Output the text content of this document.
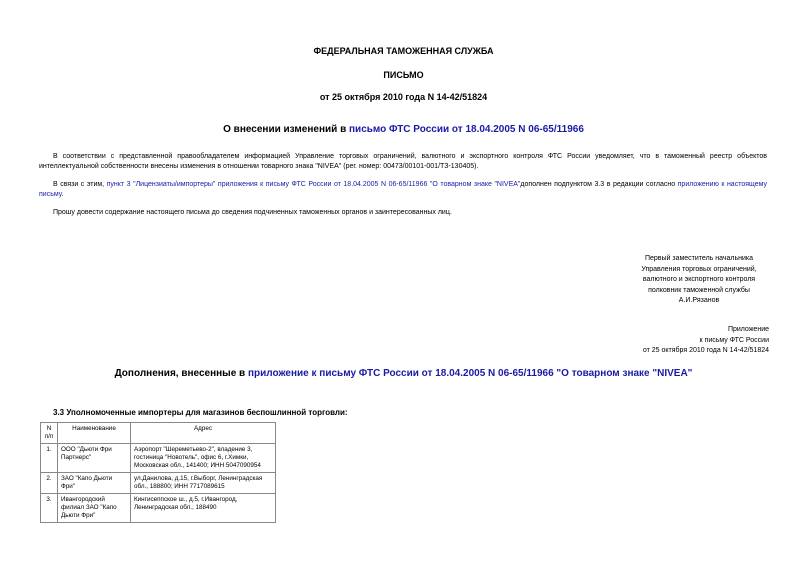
ФЕДЕРАЛЬНАЯ ТАМОЖЕННАЯ СЛУЖБА
ПИСЬМО
от 25 октября 2010 года N 14-42/51824
О внесении изменений в письмо ФТС России от 18.04.2005 N 06-65/11966

В соответствии с представленной правообладателем информацией Управление торговых ограничений, валютного и экспортного контроля ФТС России уведомляет, что в таможенный реестр объектов интеллектуальной собственности внесены изменения в отношении товарного знака "NIVEA" (рег. номер: 00473/00101-001/ТЗ-130405).

В связи с этим, пункт 3 "Лицензиаты/импортеры" приложения к письму ФТС России от 18.04.2005 N 06-65/11966 "О товарном знаке "NIVEA"дополнен подпунктом 3.3 в редакции согласно приложению к настоящему письму.

Прошу довести содержание настоящего письма до сведения подчиненных таможенных органов и заинтересованных лиц.

Первый заместитель начальника
Управления торговых ограничений,
валютного и экспортного контроля
полковник таможенной службы
А.И.Рязанов
Приложение
к письму ФТС России
от 25 октября 2010 года N 14-42/51824
Дополнения, внесенные в приложение к письму ФТС России от 18.04.2005 N 06-65/11966 "О товарном знаке "NIVEA"
3.3 Уполномоченные импортеры для магазинов беспошлинной торговли:
N п/п	Наименование	Адрес
1.	ООО "Дьюти Фри Партнерс"	Аэропорт "Шереметьево-2", владение 3, гостиница "Новотель", офис 6, г.Химки, Московская обл., 141400; ИНН 5047090954
2.	ЗАО "Капо Дьюти Фри"	ул.Данилова, д.15, г.Выборг, Ленинградская обл., 188800; ИНН 7717089615
3.	Ивангородский филиал ЗАО "Капо Дьюти Фри"	Кингисеппское ш., д.5, г.Ивангород, Ленинградская обл., 188490
